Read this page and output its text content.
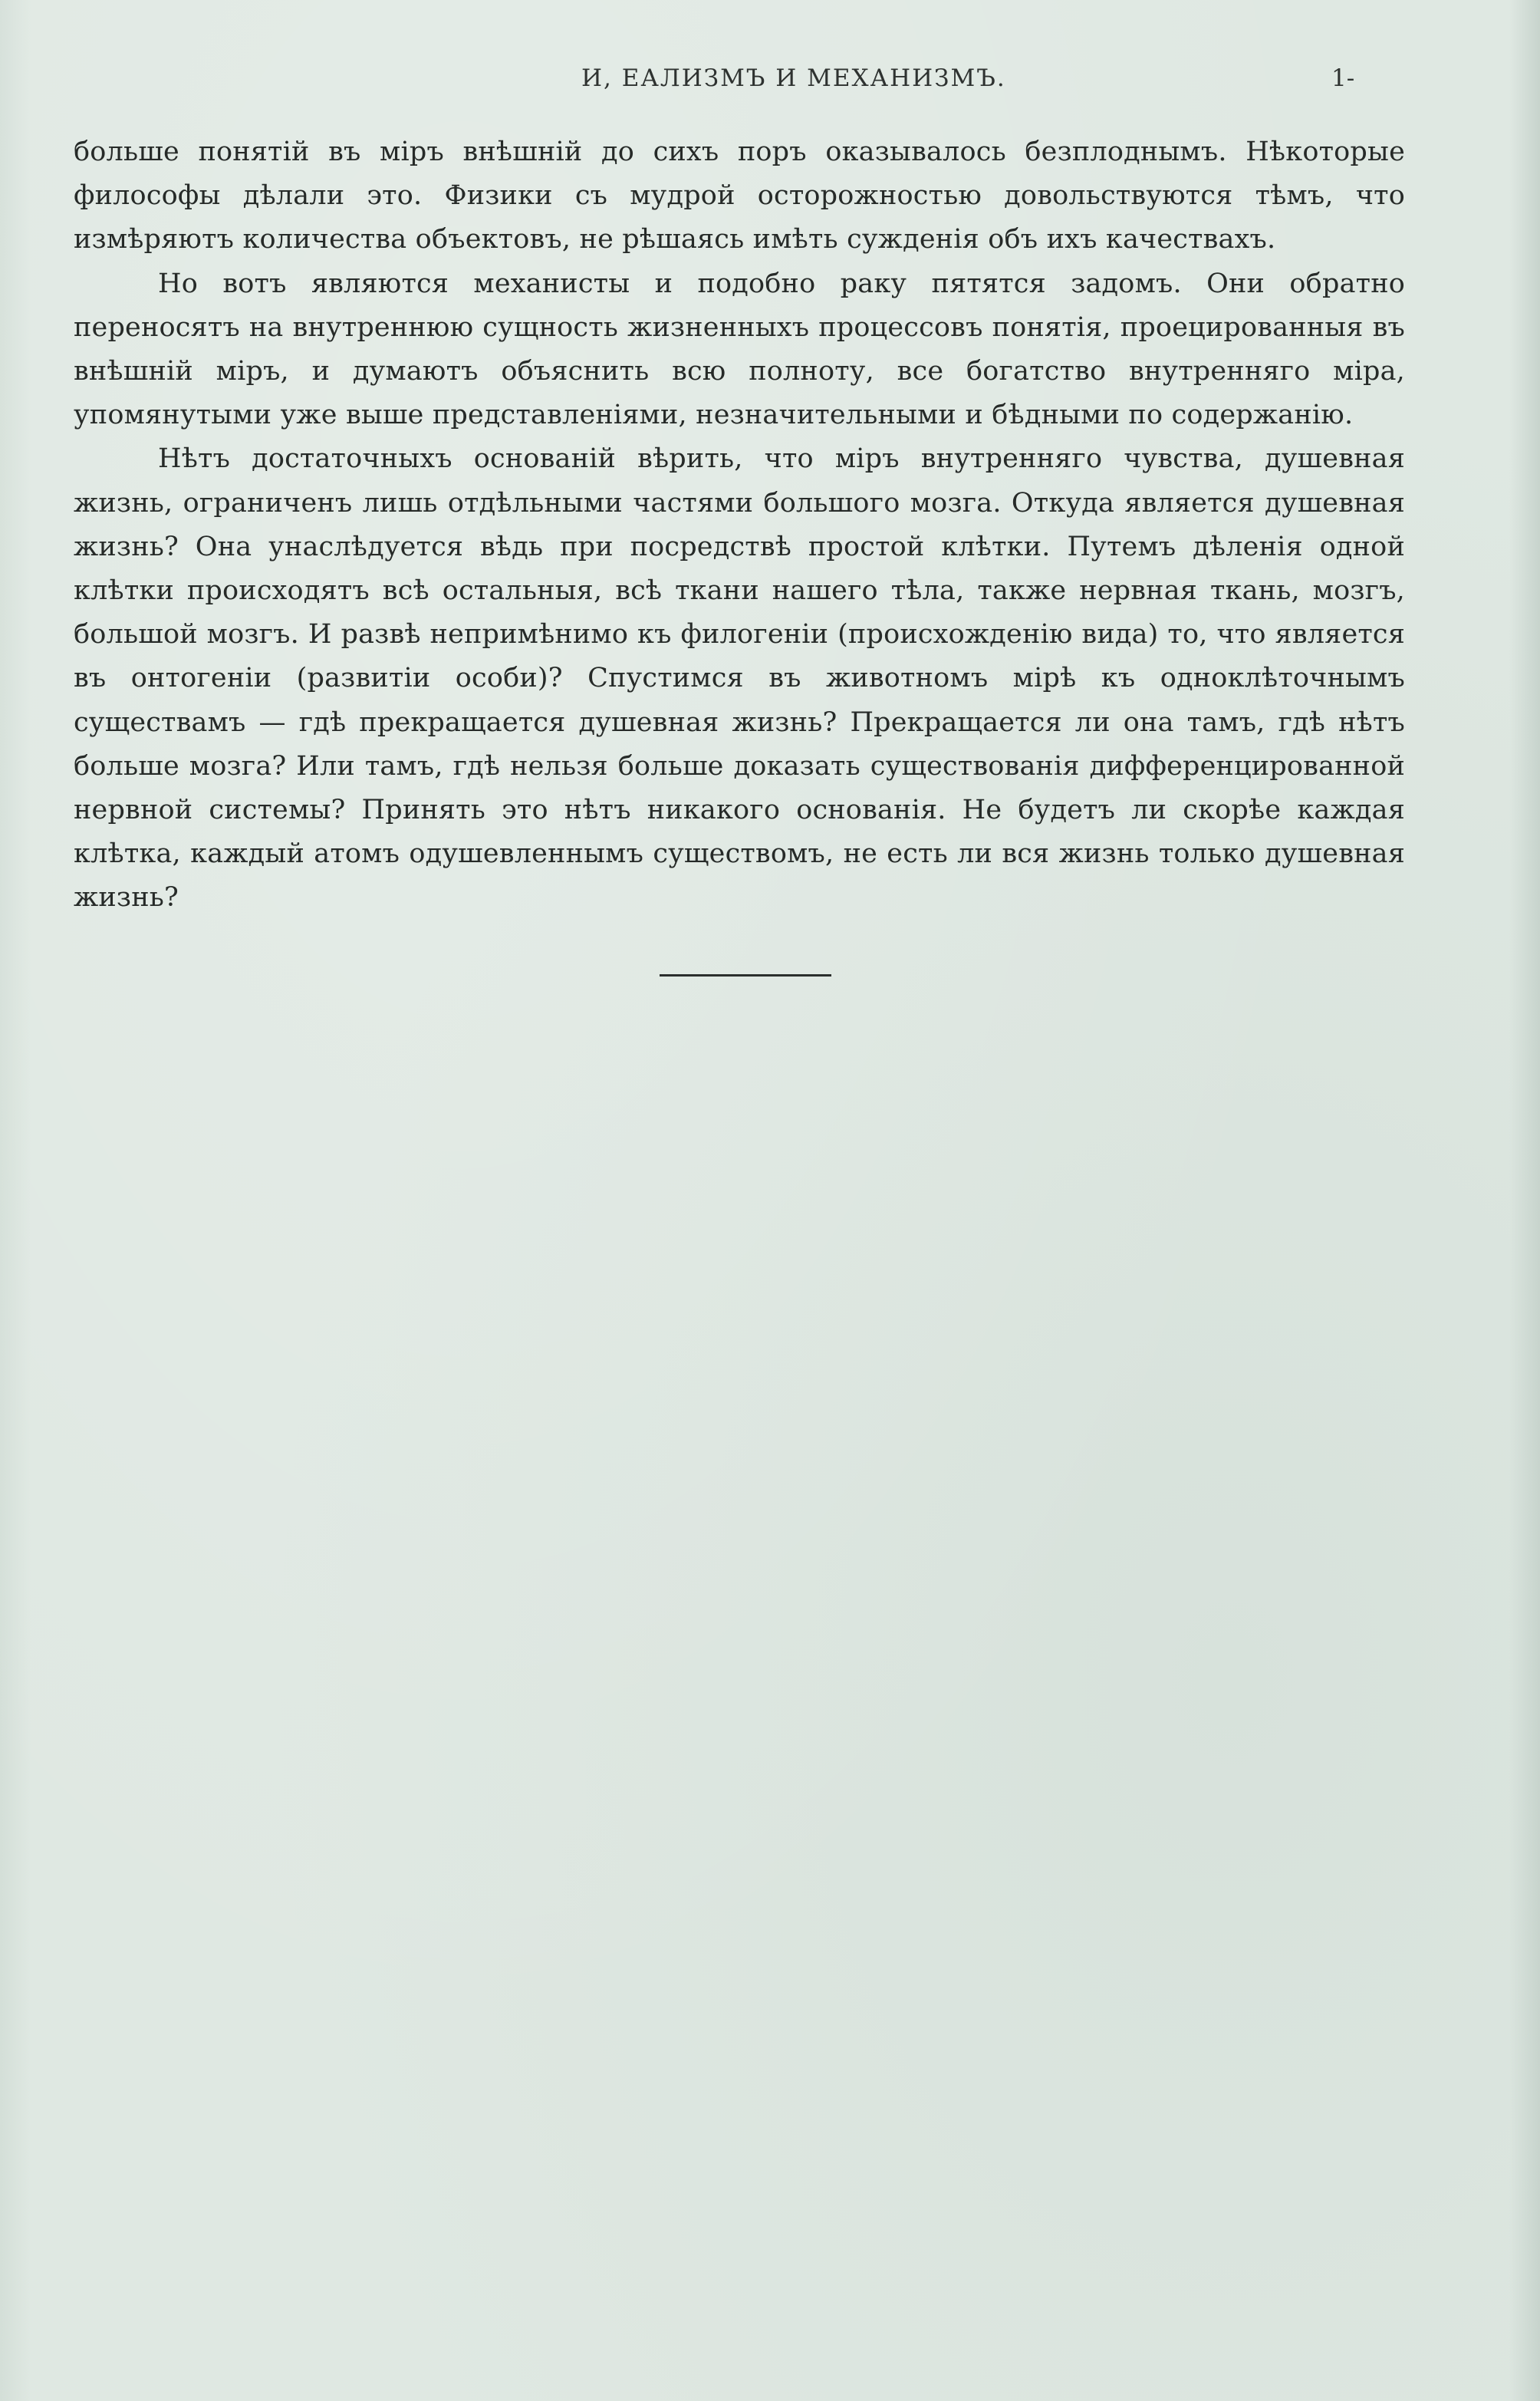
И, ЕАЛИЗМЪ И МЕХАНИЗМЪ.	1-

больше понятій въ міръ внѣшній до сихъ поръ оказывалось безплоднымъ. Нѣкоторые философы дѣлали это. Физики съ мудрой осторожностью довольствуются тѣмъ, что измѣряютъ количества объектовъ, не рѣшаясь имѣть сужденія объ ихъ качествахъ.

Но вотъ являются механисты и подобно раку пятятся задомъ. Они обратно переносятъ на внутреннюю сущность жизненныхъ процессовъ понятія, проецированныя въ внѣшній міръ, и думаютъ объяснить всю полноту, все богатство внутренняго міра, упомянутыми уже выше представленіями, незначительными и бѣдными по содержанію.

Нѣтъ достаточныхъ основаній вѣрить, что міръ внутренняго чувства, душевная жизнь, ограниченъ лишь отдѣльными частями большого мозга. Откуда является душевная жизнь? Она унаслѣдуется вѣдь при посредствѣ простой клѣтки. Путемъ дѣленія одной клѣтки происходятъ всѣ остальныя, всѣ ткани нашего тѣла, также нервная ткань, мозгъ, большой мозгъ. И развѣ непримѣнимо къ филогеніи (происхожденію вида) то, что является въ онтогеніи (развитіи особи)? Спустимся въ животномъ мірѣ къ одноклѣточнымъ существамъ — гдѣ прекращается душевная жизнь? Прекращается ли она тамъ, гдѣ нѣтъ больше мозга? Или тамъ, гдѣ нельзя больше доказать существованія дифференцированной нервной системы? Принять это нѣтъ никакого основанія. Не будетъ ли скорѣе каждая клѣтка, каждый атомъ одушевленнымъ существомъ, не есть ли вся жизнь только душевная жизнь?
